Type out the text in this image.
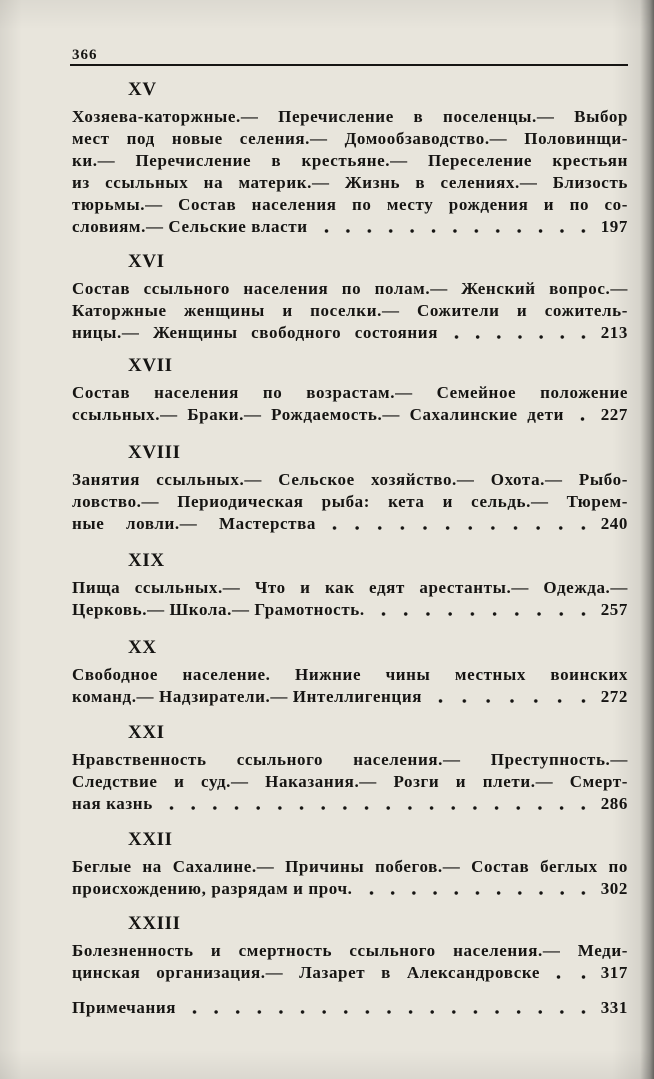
366
XV
Хозяева-каторжные.— Перечисление в поселенцы.— Выбор
мест под новые селения.— Домообзаводство.— Половинщи-
ки.— Перечисление в крестьяне.— Переселение крестьян
из ссыльных на материк.— Жизнь в селениях.— Близость
тюрьмы.— Состав населения по месту рождения и по со-
словиям.— Сельские власти	197
XVI
Состав ссыльного населения по полам.— Женский вопрос.—
Каторжные женщины и поселки.— Сожители и сожитель-
ницы.— Женщины свободного состояния	213
XVII
Состав населения по возрастам.— Семейное положение
ссыльных.— Браки.— Рождаемость.— Сахалинские дети 227
XVIII
Занятия ссыльных.— Сельское хозяйство.— Охота.— Рыбо-
ловство.— Периодическая рыба: кета и сельдь.— Тюрем-
ные ловли.— Мастерства	240
XIX
Пища ссыльных.— Что и как едят арестанты.— Одежда.—
Церковь.— Школа.— Грамотность.	257
XX
Свободное население. Нижние чины местных воинских
команд.— Надзиратели.— Интеллигенция	272
XXI
Нравственность ссыльного населения.— Преступность.—
Следствие и суд.— Наказания.— Розги и плети.— Смерт-
ная казнь	286
XXII
Беглые на Сахалине.— Причины побегов.— Состав беглых по
происхождению, разрядам и проч.	302
XXIII
Болезненность и смертность ссыльного населения.— Меди-
цинская организация.— Лазарет в Александровске	317
Примечания	331
